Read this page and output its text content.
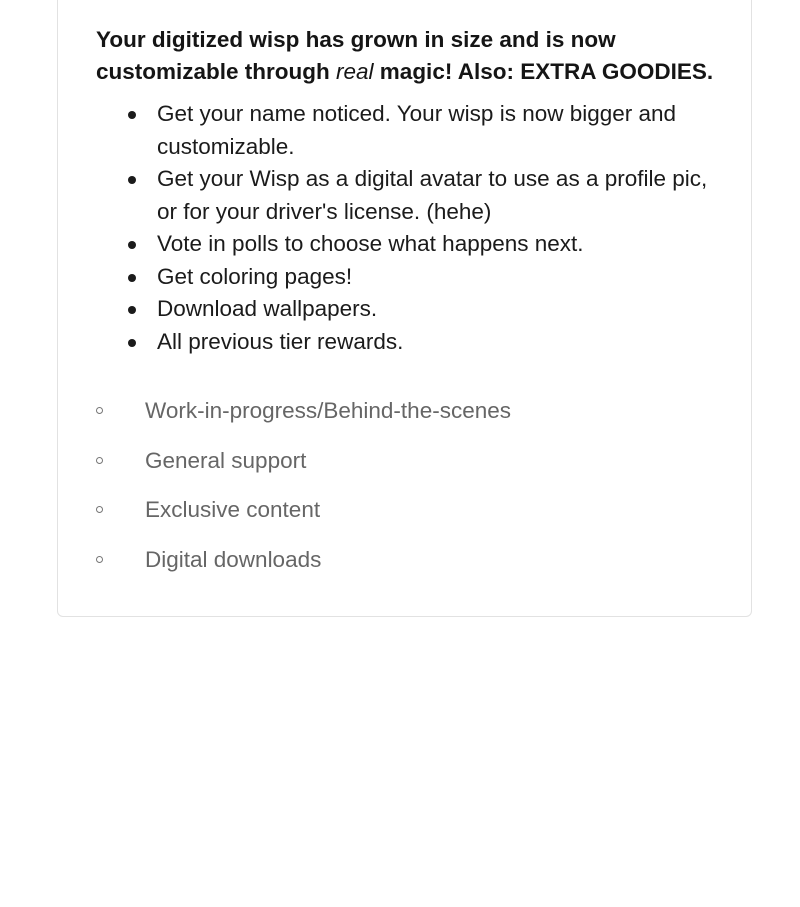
Your digitized wisp has grown in size and is now customizable through real magic! Also: EXTRA GOODIES.

Get your name noticed. Your wisp is now bigger and customizable.
Get your Wisp as a digital avatar to use as a profile pic, or for your driver's license. (hehe)
Vote in polls to choose what happens next.
Get coloring pages!
Download wallpapers.
All previous tier rewards.
Work-in-progress/Behind-the-scenes
General support
Exclusive content
Digital downloads
